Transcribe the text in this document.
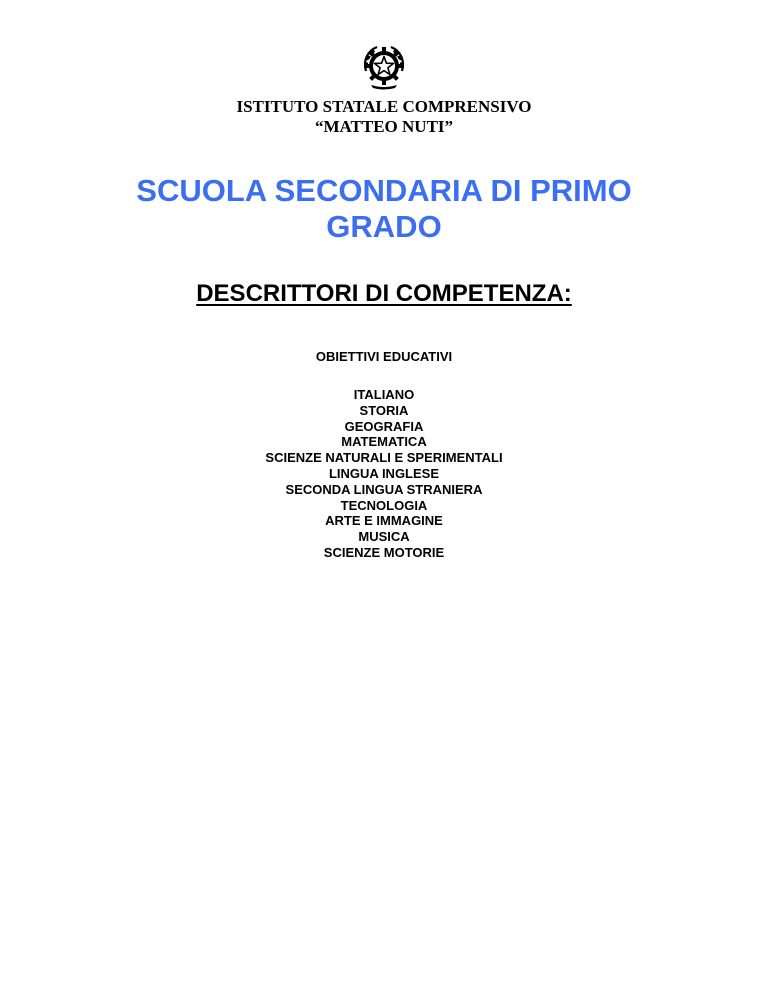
ISTITUTO STATALE COMPRENSIVO
“MATTEO NUTI”
SCUOLA SECONDARIA DI PRIMO
GRADO
DESCRITTORI DI COMPETENZA:
OBIETTIVI EDUCATIVI
ITALIANO
STORIA
GEOGRAFIA
MATEMATICA
SCIENZE NATURALI E SPERIMENTALI
LINGUA INGLESE
SECONDA LINGUA STRANIERA
TECNOLOGIA
ARTE E IMMAGINE
MUSICA
SCIENZE MOTORIE
